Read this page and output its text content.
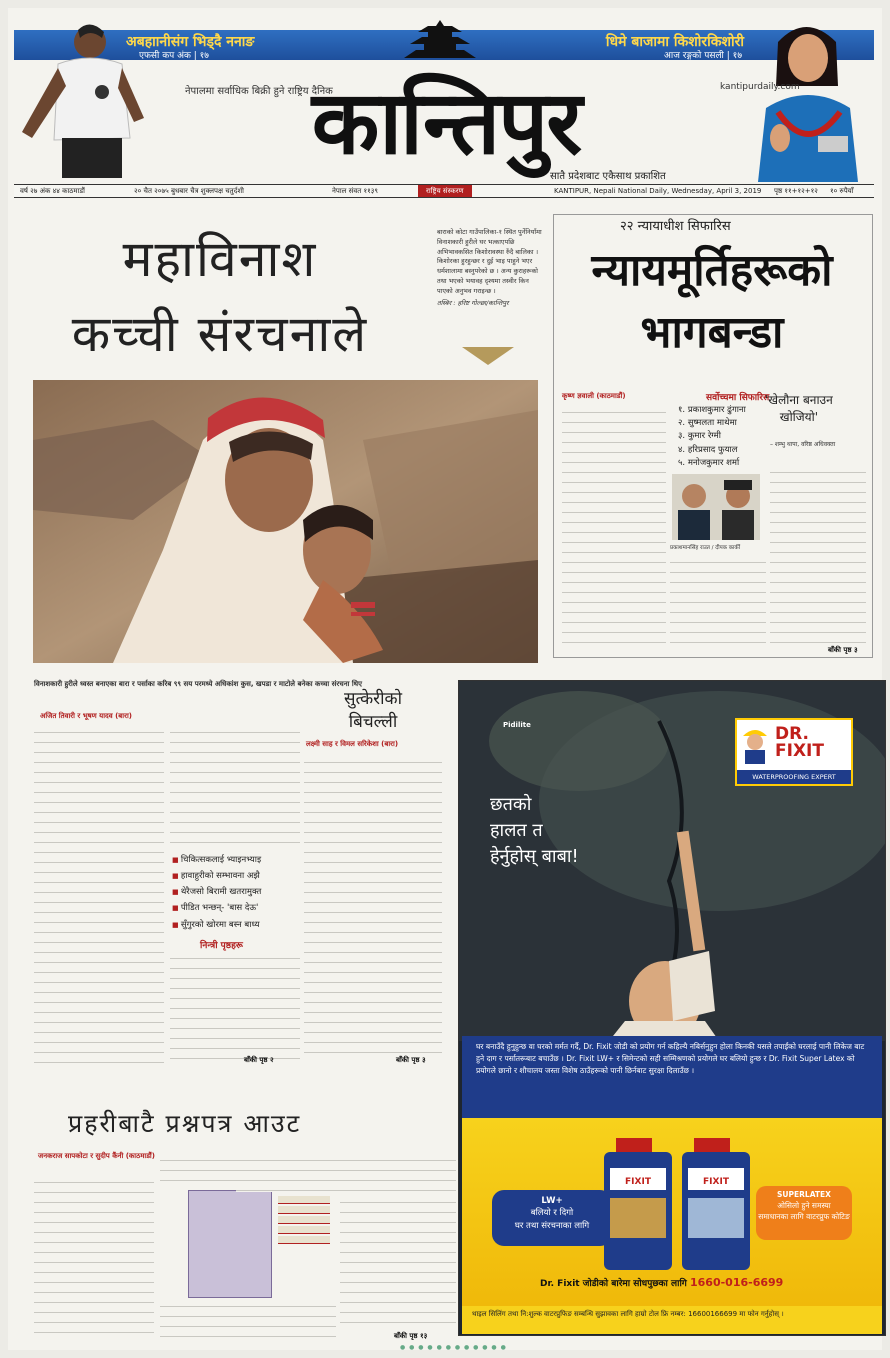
अबहाानीसंग भिड्दै ननाङ
एफसी कप अंक | १७
धिमे बाजामा किशोरकिशोरी
आज रङ्गको पसली | १७
नेपालमा सर्वाधिक बिक्री हुने राष्ट्रिय दैनिक	kantipurdaily.com
कान्तिपुर
सातै प्रदेशबाट एकैसाथ प्रकाशित
वर्ष २७ अंक ४४ काठमाडौं	२० चैत २०७५ बुधबार चैत्र शुक्लपक्ष चतुर्दशी	नेपाल संवत ११३९	राष्ट्रिय संस्करण	KANTIPUR, Nepali National Daily, Wednesday, April 3, 2019 पृष्ठ ११+१२+१२ १० रुपैयाँ
महाविनाश
कच्ची संरचनाले

बाराको कोटा गाउँपालिका-१ स्थित पुर्नेनियाँमा विनाशकारी हुरीले घर भत्काएपछि अभिभावकसित किशोरावस्था रुँदै बालिका । किशोरका हुरहुन्छर र दुई भाइ पाहुने भएर धर्मशालामा बस्नुपरेको छ । अन्य कुराहरूको तथा भएको भयावह दृश्यमा तस्वीर किन पाएको अनुभव गराइन्छ ।

तस्बिर : हरिष्ट गोल्छा/कान्तिपुर

२२ न्यायाधीश सिफारिस
न्यायमूर्तिहरूको
भागबन्डा
कृष्ण ज्ञवाली (काठमाडौं)	सर्वोच्चमा सिफारिस
१. प्रकाशकुमार ढुंगाना
२. सुष्मलता माथेमा
३. कुमार रेग्मी
४. हरिप्रसाद फुयाल
५. मनोजकुमार शर्मा
प्रकाशमानसिंह राउत / दीपक कार्की
'खेलौना बनाउन
खोजियो'
– शम्भु थापा, वरिष्ठ अधिवक्ता
बाँकी पृष्ठ ३
विनाशकारी हुरीले ध्वस्त बनाएका बारा र पर्साका करिब ९९ सय परमध्ये अधिकांश कुस, खपडा र माटोले बनेका कच्चा संरचना थिए
अजित तिवारी र भूषण यादव (बारा)
■ चिकित्सकलाई भ्याइनभ्याइ
■ हावाहुरीको सम्भावना अझै
■ थेरैजसो बिरामी खतरामुक्त
■ पीडित भन्छन्- 'बास देऊ'
■ सुँगुरको खोरमा बस्न बाध्य
निन्त्री पृष्ठहरू
बाँकी पृष्ठ २
सुत्केरीको
बिचल्ली
लक्ष्मी साह र विमल सरिकेशा (बारा)
बाँकी पृष्ठ ३
Pidilite
छतको
हालत त
हेर्नुहोस् बाबा!
DR. FIXIT
WATERPROOFING EXPERT
घर बनाउँदै हुनुहुन्छ वा घरको मर्मत गर्दै, Dr. Fixit जोडी को प्रयोग गर्न कहिल्यै नबिर्सनुहुन होला किनकी यसले तपाईंको घरलाई पानी लिकेज बाट हुने दाग र पर्सातरूबाट बचाउँछ । Dr. Fixit LW+ र सिमेन्टको सही सम्मिश्रणको प्रयोगले घर बलियो हुन्छ र Dr. Fixit Super Latex को प्रयोगले छानो र शौचालय जस्ता विशेष ठाउँहरूको पानी छिर्नबाट सुरक्षा दिलाउँछ ।
LW+
बलियो र दिगो
घर तथा संरचनाका लागि
FIXIT	FIXIT
SUPERLATEX
ओसिलो हुने समस्या
समाधानका लागि वाटरप्रुफ कोटिङ
Dr. Fixit जोडीको बारेमा सोधपुछका लागि 1660-016-6699
थाइल सिलिंग तथा नि:शुल्क वाटरप्रुफिङ सम्बन्धि सुझावका लागि हाम्रो टोल फ्रि नम्बर: 16600166699 मा फोन गर्नुहोस् ।
प्रहरीबाटै प्रश्नपत्र आउट
जनकराज सापकोटा र सुदीप कैंनी (काठमाडौं)
बाँकी पृष्ठ १३
● ● ● ● ● ● ● ● ● ● ● ●
